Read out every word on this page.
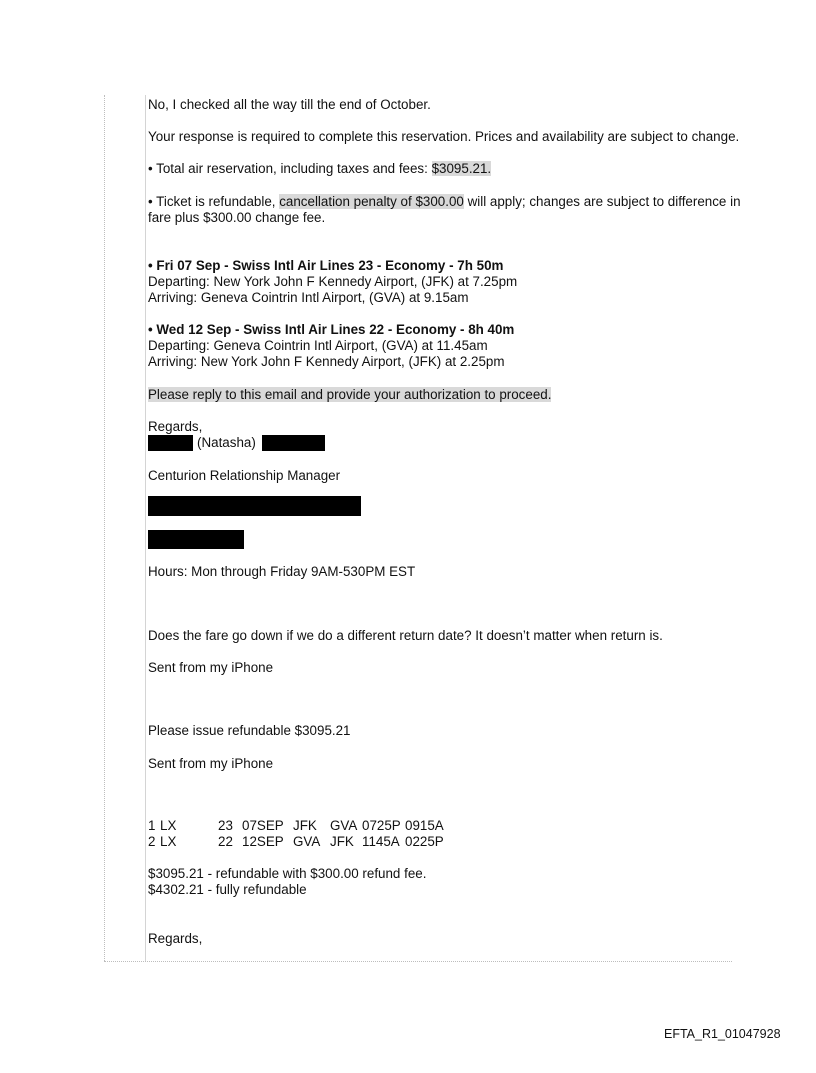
No, I checked all the way till the end of October.
Your response is required to complete this reservation. Prices and availability are subject to change.
• Total air reservation, including taxes and fees: $3095.21.
• Ticket is refundable, cancellation penalty of $300.00 will apply; changes are subject to difference in
fare plus $300.00 change fee.
• Fri 07 Sep - Swiss Intl Air Lines 23 - Economy - 7h 50m
Departing: New York John F Kennedy Airport, (JFK) at 7.25pm
Arriving: Geneva Cointrin Intl Airport, (GVA) at 9.15am
• Wed 12 Sep - Swiss Intl Air Lines 22 - Economy - 8h 40m
Departing: Geneva Cointrin Intl Airport, (GVA) at 11.45am
Arriving: New York John F Kennedy Airport, (JFK) at 2.25pm
Please reply to this email and provide your authorization to proceed.
Regards,
(Natasha)
Centurion Relationship Manager
Hours: Mon through Friday 9AM-530PM EST
Does the fare go down if we do a different return date? It doesn’t matter when return is.
Sent from my iPhone
Please issue refundable $3095.21
Sent from my iPhone
1 LX	23 07SEP JFK GVA 0725P 0915A
2 LX	22 12SEP GVA JFK 1145A 0225P
$3095.21 - refundable with $300.00 refund fee.
$4302.21 - fully refundable
Regards,
EFTA_R1_01047928
